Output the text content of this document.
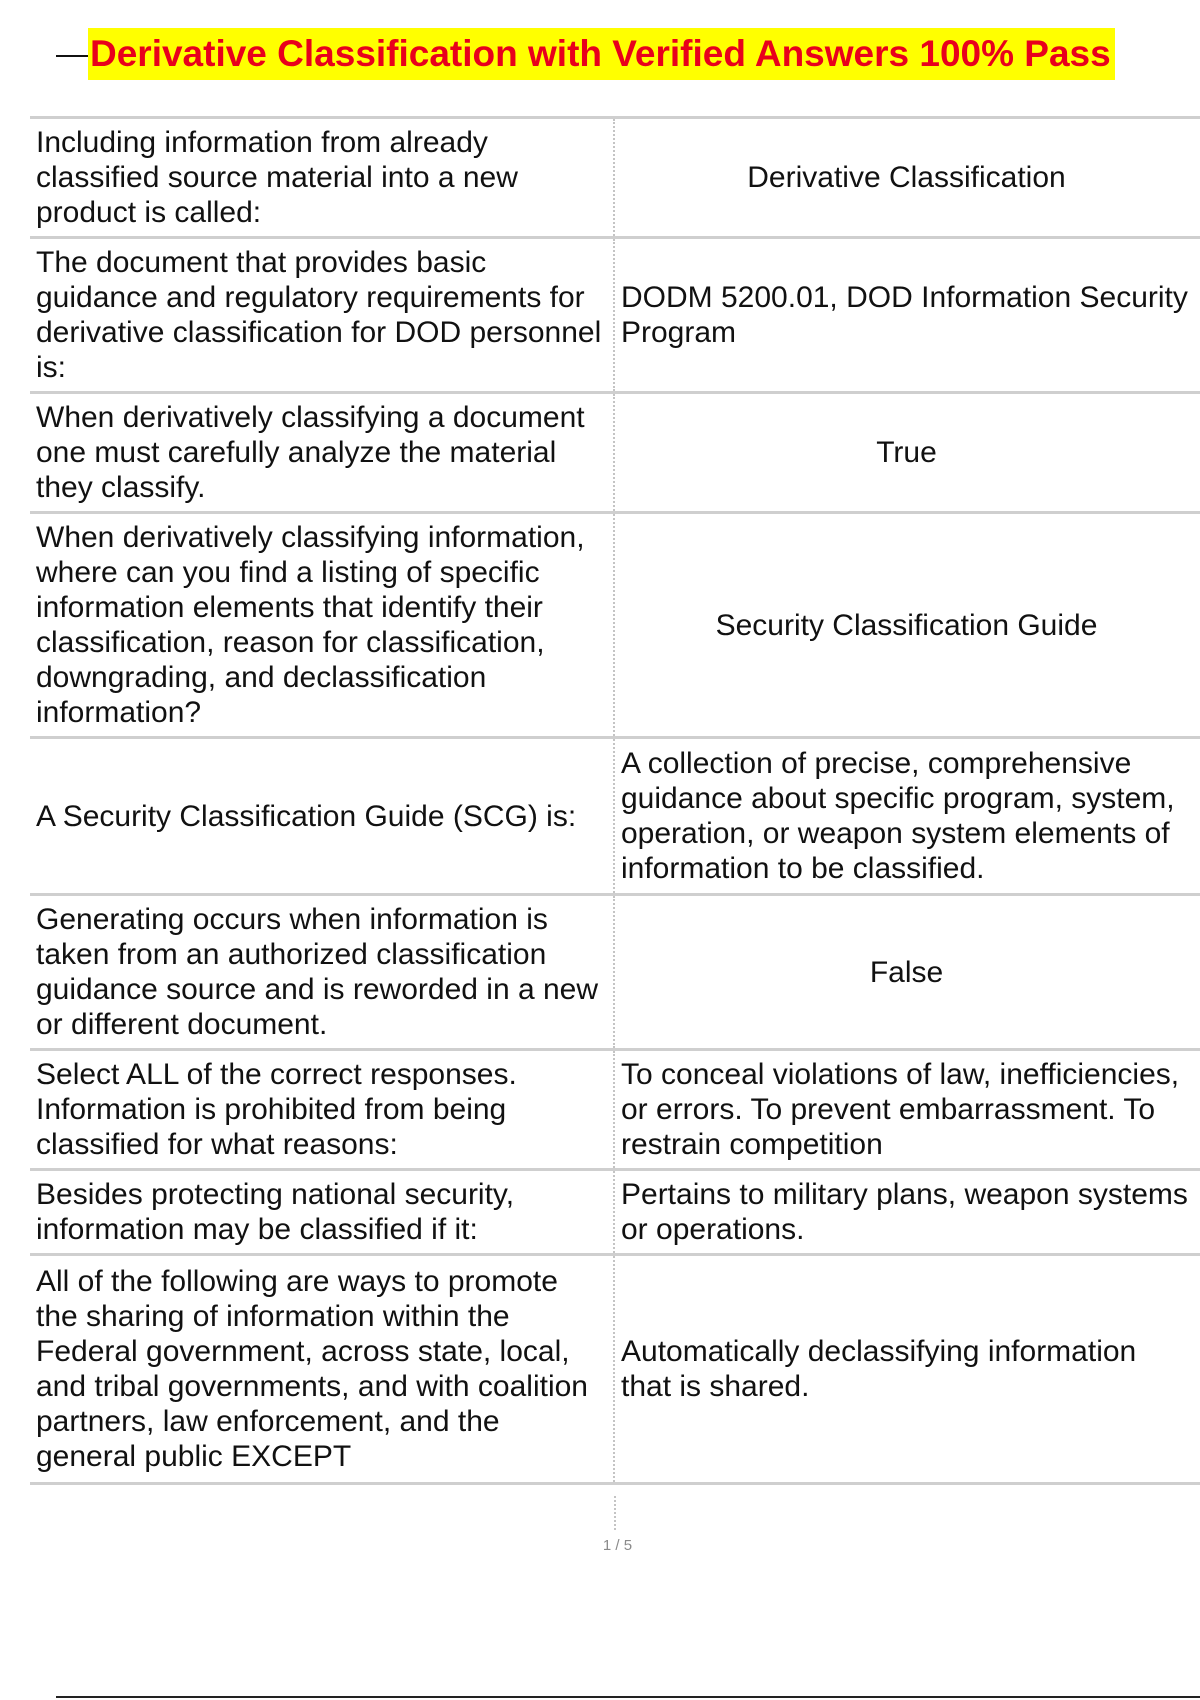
Derivative Classification with Verified Answers 100% Pass
Including information from already classified source material into a new product is called:	Derivative Classification
The document that provides basic guidance and regulatory requirements for derivative classification for DOD personnel is:	DODM 5200.01, DOD Information Security Program
When derivatively classifying a document one must carefully analyze the material they classify.	True
When derivatively classifying information, where can you find a listing of specific information elements that identify their classification, reason for classification, downgrading, and declassification information?	Security Classification Guide
A Security Classification Guide (SCG) is:	A collection of precise, comprehensive guidance about specific program, system, operation, or weapon system elements of information to be classified.
Generating occurs when information is taken from an authorized classification guidance source and is reworded in a new or different document.	False
Select ALL of the correct responses. Information is prohibited from being classified for what reasons:	To conceal violations of law, inefficiencies, or errors. To prevent embarrassment. To restrain competition
Besides protecting national security, information may be classified if it:	Pertains to military plans, weapon systems or operations.
All of the following are ways to promote the sharing of information within the Federal government, across state, local, and tribal governments, and with coalition partners, law enforcement, and the general public EXCEPT	Automatically declassifying information that is shared.
1 / 5
